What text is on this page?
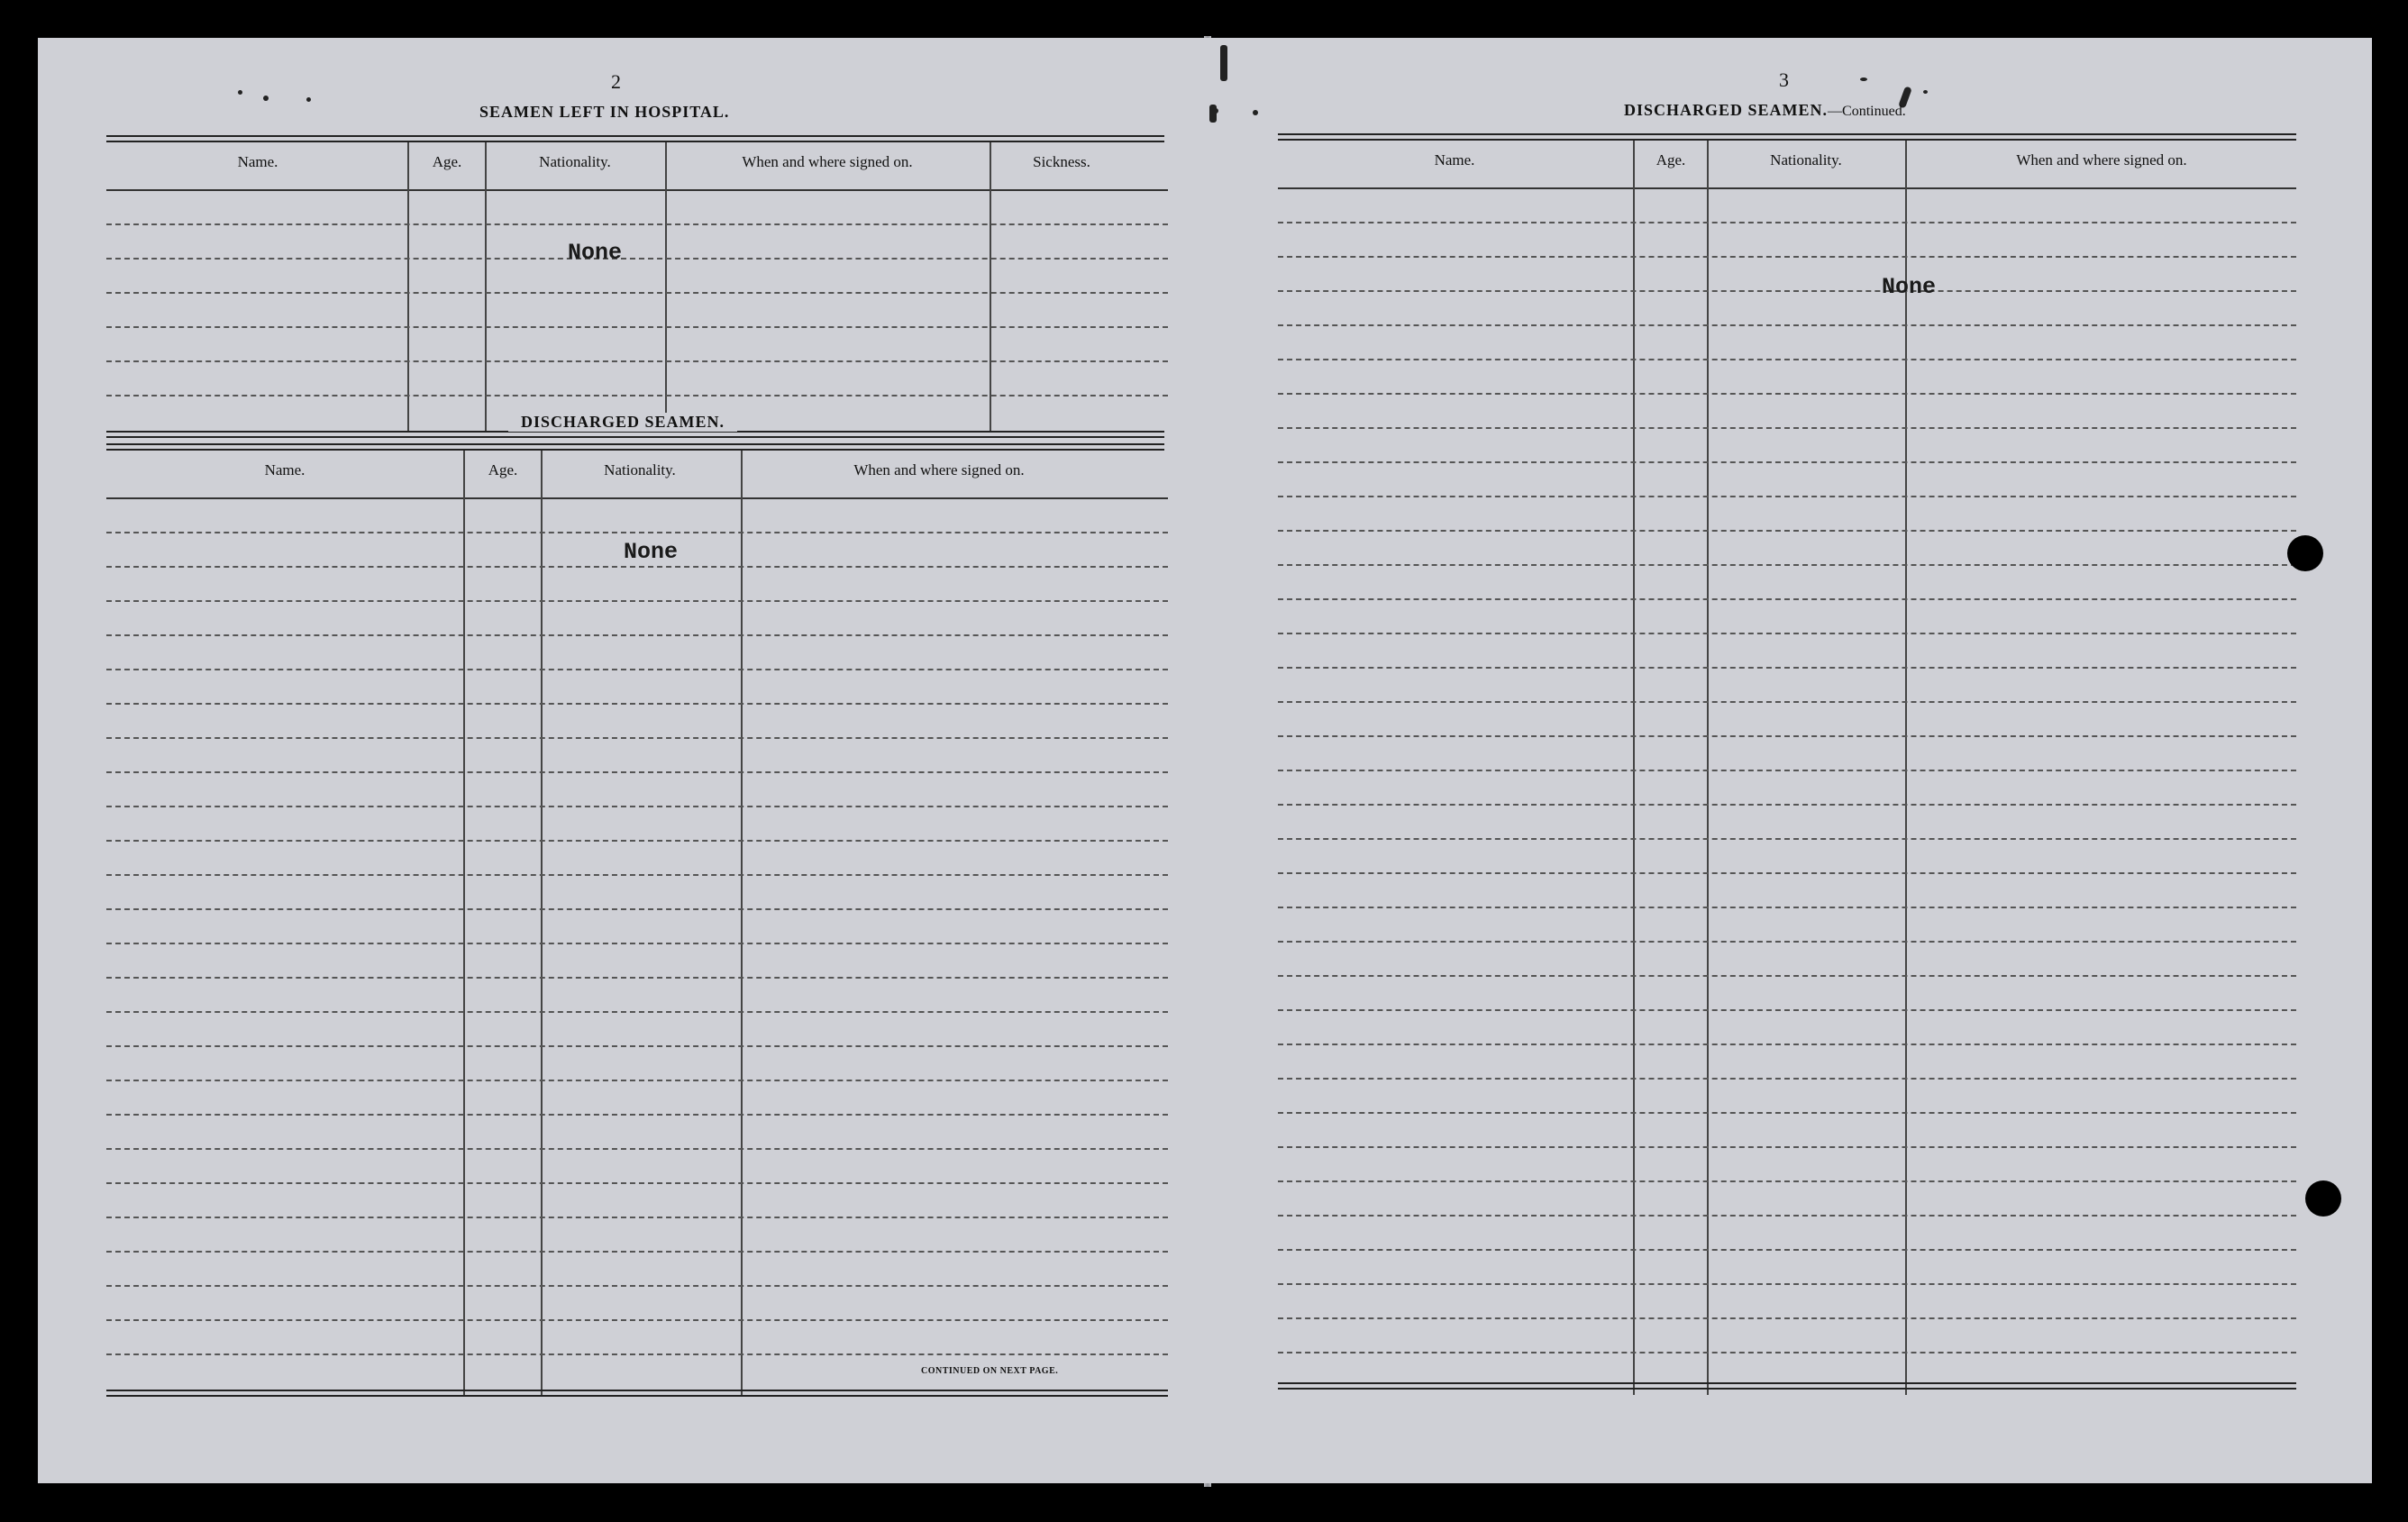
2
SEAMEN LEFT IN HOSPITAL.
Name.	Age.	Nationality.	When and where signed on.	Sickness.
None
DISCHARGED SEAMEN.
Name.	Age.	Nationality.	When and where signed on.
None
CONTINUED ON NEXT PAGE.
3
DISCHARGED SEAMEN.—Continued.
Name.	Age.	Nationality.	When and where signed on.
None
